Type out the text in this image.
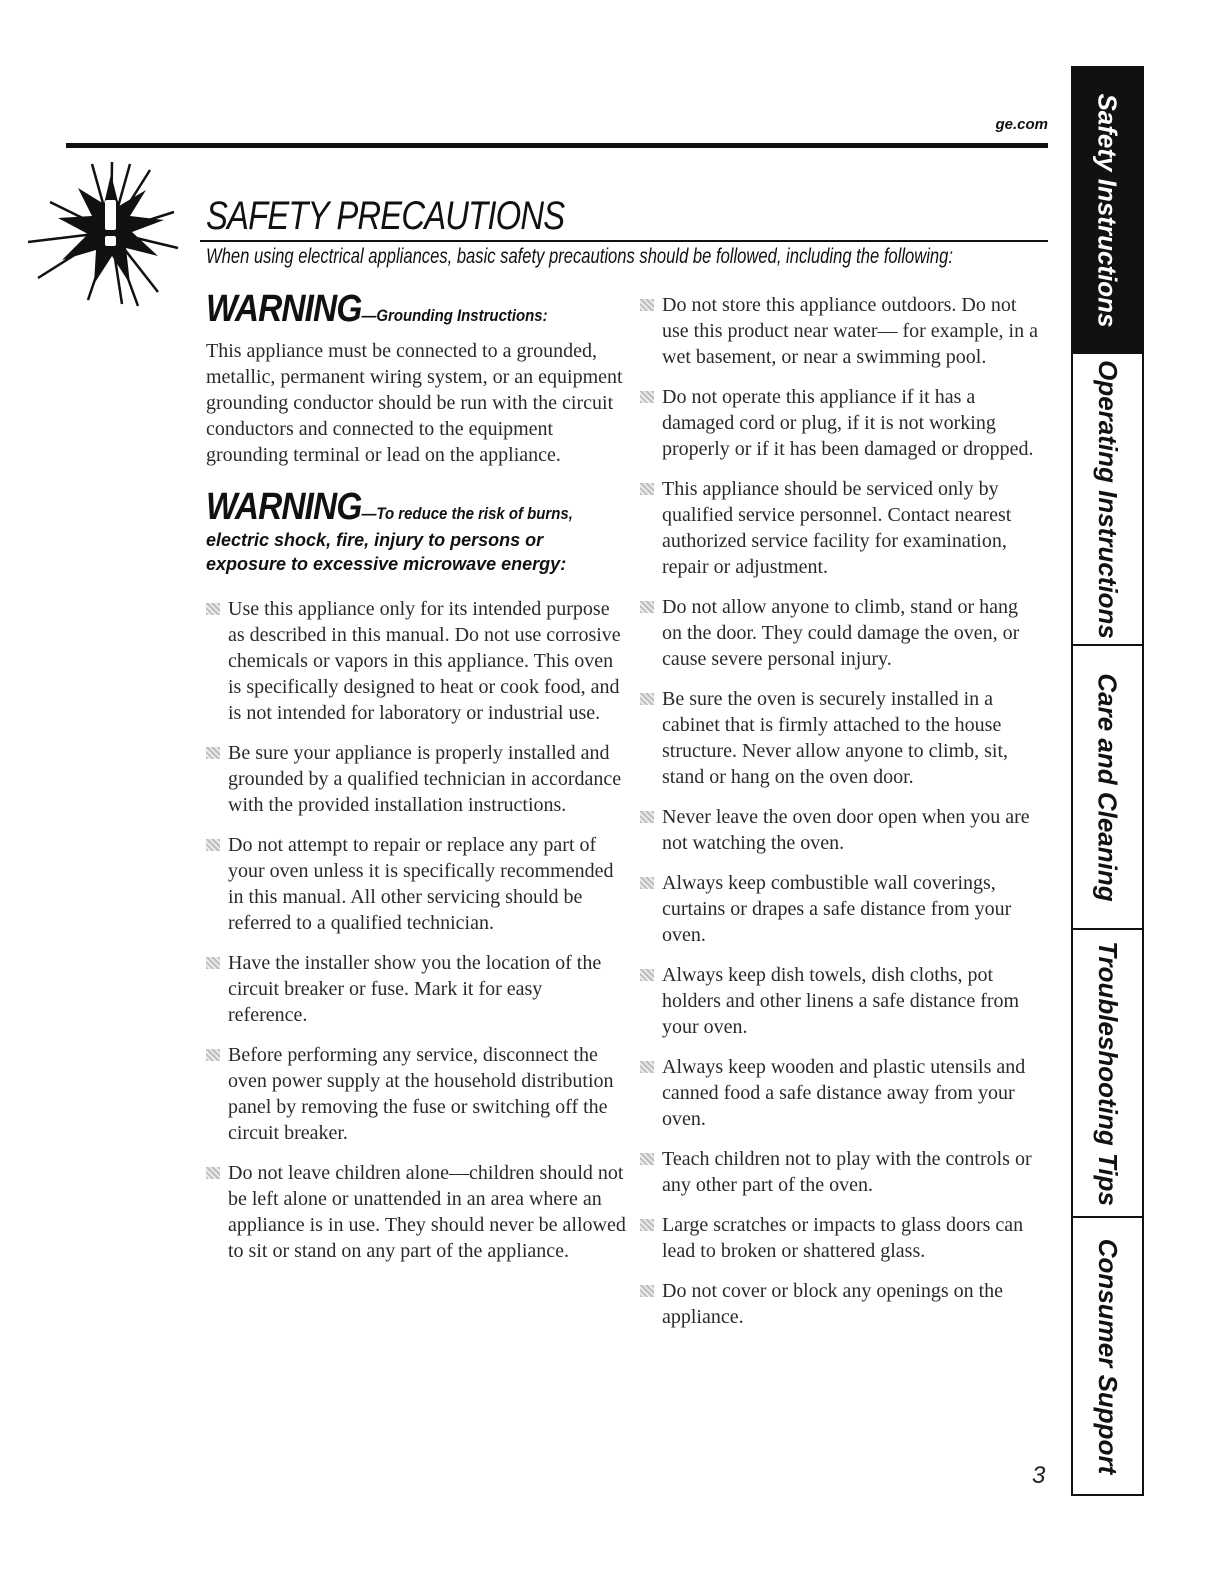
ge.com
SAFETY PRECAUTIONS
When using electrical appliances, basic safety precautions should be followed, including the following:
WARNING—Grounding Instructions:

This appliance must be connected to a grounded, metallic, permanent wiring system, or an equipment grounding conductor should be run with the circuit conductors and connected to the equipment grounding terminal or lead on the appliance.

WARNING—To reduce the risk of burns,
electric shock, fire, injury to persons or exposure to excessive microwave energy:
Use this appliance only for its intended purpose as described in this manual. Do not use corrosive chemicals or vapors in this appliance. This oven is specifically designed to heat or cook food, and is not intended for laboratory or industrial use.
Be sure your appliance is properly installed and grounded by a qualified technician in accordance with the provided installation instructions.
Do not attempt to repair or replace any part of your oven unless it is specifically recommended in this manual. All other servicing should be referred to a qualified technician.
Have the installer show you the location of the circuit breaker or fuse. Mark it for easy reference.
Before performing any service, disconnect the oven power supply at the household distribution panel by removing the fuse or switching off the circuit breaker.
Do not leave children alone—children should not be left alone or unattended in an area where an appliance is in use. They should never be allowed to sit or stand on any part of the appliance.
Do not store this appliance outdoors. Do not use this product near water— for example, in a wet basement, or near a swimming pool.
Do not operate this appliance if it has a damaged cord or plug, if it is not working properly or if it has been damaged or dropped.
This appliance should be serviced only by qualified service personnel. Contact nearest authorized service facility for examination, repair or adjustment.
Do not allow anyone to climb, stand or hang on the door. They could damage the oven, or cause severe personal injury.
Be sure the oven is securely installed in a cabinet that is firmly attached to the house structure. Never allow anyone to climb, sit, stand or hang on the oven door.
Never leave the oven door open when you are not watching the oven.
Always keep combustible wall coverings, curtains or drapes a safe distance from your oven.
Always keep dish towels, dish cloths, pot holders and other linens a safe distance from your oven.
Always keep wooden and plastic utensils and canned food a safe distance away from your oven.
Teach children not to play with the controls or any other part of the oven.
Large scratches or impacts to glass doors can lead to broken or shattered glass.
Do not cover or block any openings on the appliance.
3
Safety Instructions
Operating Instructions
Care and Cleaning
Troubleshooting Tips
Consumer Support
